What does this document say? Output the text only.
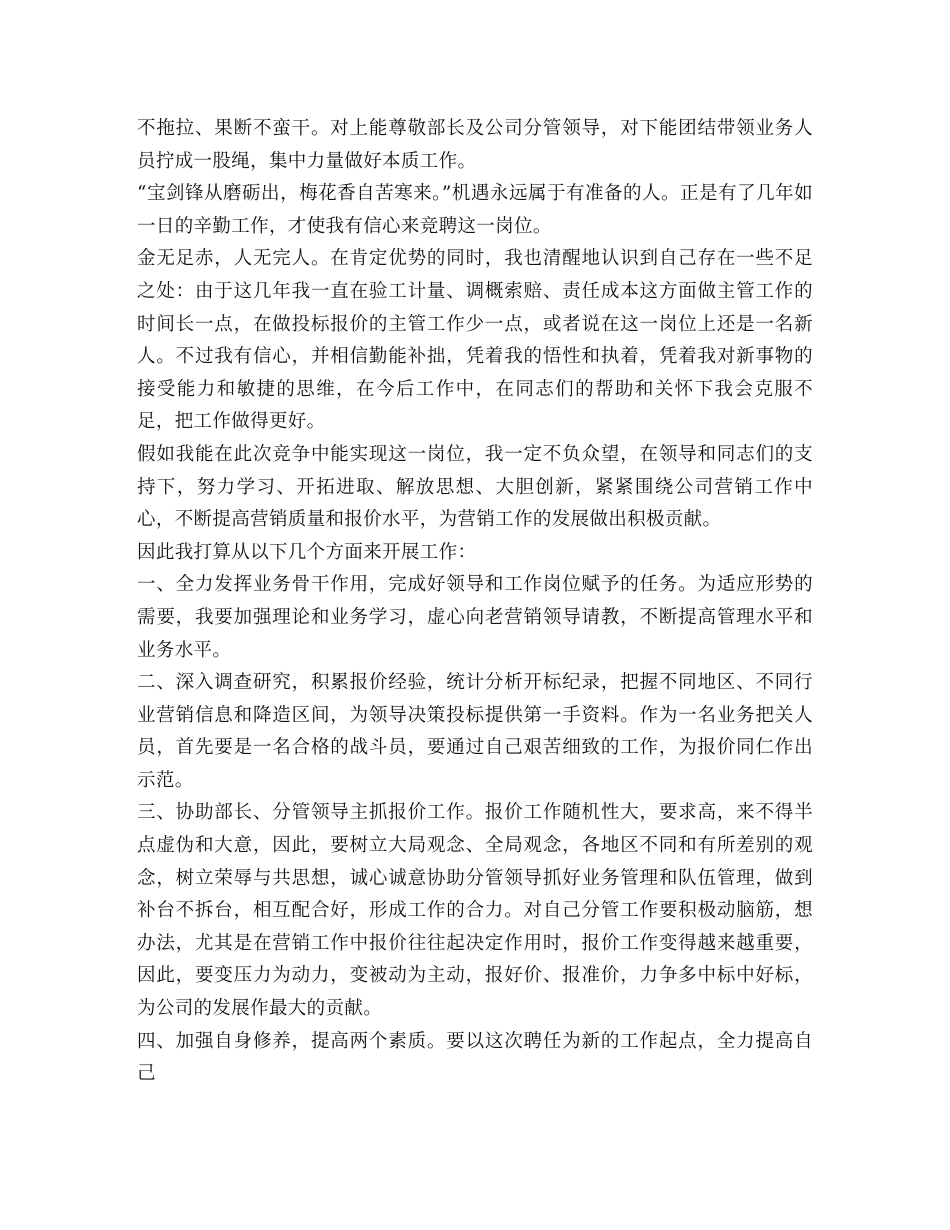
不拖拉、果断不蛮干。对上能尊敬部长及公司分管领导，对下能团结带领业务人员拧成一股绳，集中力量做好本质工作。

“宝剑锋从磨砺出，梅花香自苦寒来。”机遇永远属于有准备的人。正是有了几年如一日的辛勤工作，才使我有信心来竞聘这一岗位。

金无足赤，人无完人。在肯定优势的同时，我也清醒地认识到自己存在一些不足之处：由于这几年我一直在验工计量、调概索赔、责任成本这方面做主管工作的时间长一点，在做投标报价的主管工作少一点，或者说在这一岗位上还是一名新人。不过我有信心，并相信勤能补拙，凭着我的悟性和执着，凭着我对新事物的接受能力和敏捷的思维，在今后工作中，在同志们的帮助和关怀下我会克服不足，把工作做得更好。

假如我能在此次竞争中能实现这一岗位，我一定不负众望，在领导和同志们的支持下，努力学习、开拓进取、解放思想、大胆创新，紧紧围绕公司营销工作中心，不断提高营销质量和报价水平，为营销工作的发展做出积极贡献。

因此我打算从以下几个方面来开展工作：

一、全力发挥业务骨干作用，完成好领导和工作岗位赋予的任务。为适应形势的需要，我要加强理论和业务学习，虚心向老营销领导请教，不断提高管理水平和业务水平。

二、深入调查研究，积累报价经验，统计分析开标纪录，把握不同地区、不同行业营销信息和降造区间，为领导决策投标提供第一手资料。作为一名业务把关人员，首先要是一名合格的战斗员，要通过自己艰苦细致的工作，为报价同仁作出示范。

三、协助部长、分管领导主抓报价工作。报价工作随机性大，要求高，来不得半点虚伪和大意，因此，要树立大局观念、全局观念，各地区不同和有所差别的观念，树立荣辱与共思想，诚心诚意协助分管领导抓好业务管理和队伍管理，做到补台不拆台，相互配合好，形成工作的合力。对自己分管工作要积极动脑筋，想办法，尤其是在营销工作中报价往往起决定作用时，报价工作变得越来越重要，因此，要变压力为动力，变被动为主动，报好价、报准价，力争多中标中好标，为公司的发展作最大的贡献。

四、加强自身修养，提高两个素质。要以这次聘任为新的工作起点，全力提高自己
